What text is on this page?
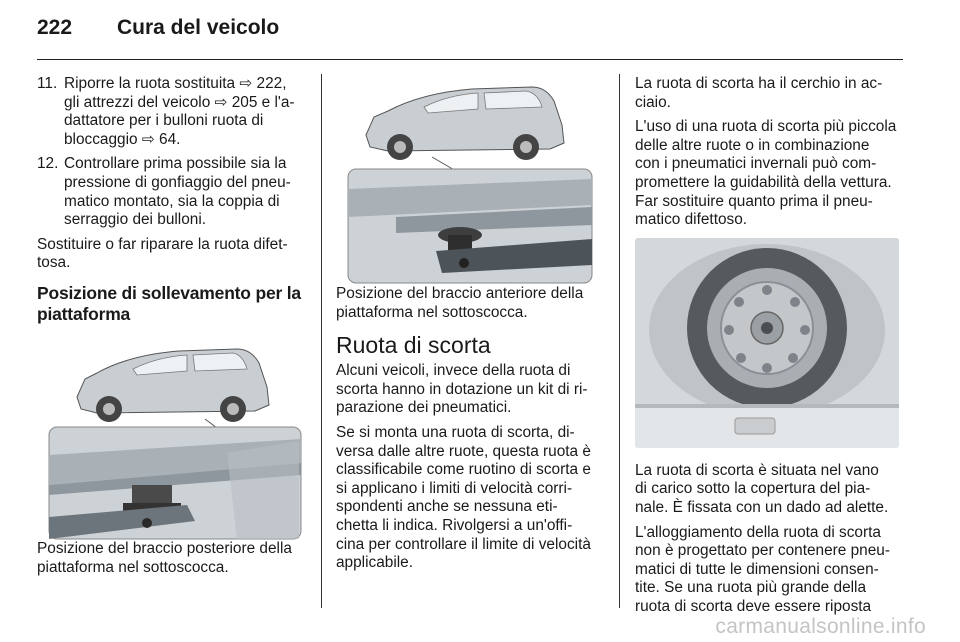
222 Cura del veicolo
11. Riporre la ruota sostituita ⇨ 222,
gli attrezzi del veicolo ⇨ 205 e l'a-
dattatore per i bulloni ruota di
bloccaggio ⇨ 64.
12. Controllare prima possibile sia la
pressione di gonfiaggio del pneu-
matico montato, sia la coppia di
serraggio dei bulloni.

Sostituire o far riparare la ruota difet-
tosa.

Posizione di sollevamento per la
piattaforma

Posizione del braccio posteriore della
piattaforma nel sottoscocca.

Posizione del braccio anteriore della
piattaforma nel sottoscocca.

Ruota di scorta

Alcuni veicoli, invece della ruota di
scorta hanno in dotazione un kit di ri-
parazione dei pneumatici.

Se si monta una ruota di scorta, di-
versa dalle altre ruote, questa ruota è
classificabile come ruotino di scorta e
si applicano i limiti di velocità corri-
spondenti anche se nessuna eti-
chetta li indica. Rivolgersi a un'offi-
cina per controllare il limite di velocità
applicabile.

La ruota di scorta ha il cerchio in ac-
ciaio.

L'uso di una ruota di scorta più piccola
delle altre ruote o in combinazione
con i pneumatici invernali può com-
promettere la guidabilità della vettura.
Far sostituire quanto prima il pneu-
matico difettoso.

La ruota di scorta è situata nel vano
di carico sotto la copertura del pia-
nale. È fissata con un dado ad alette.

L'alloggiamento della ruota di scorta
non è progettato per contenere pneu-
matici di tutte le dimensioni consen-
tite. Se una ruota più grande della
ruota di scorta deve essere riposta

carmanualsonline.info
